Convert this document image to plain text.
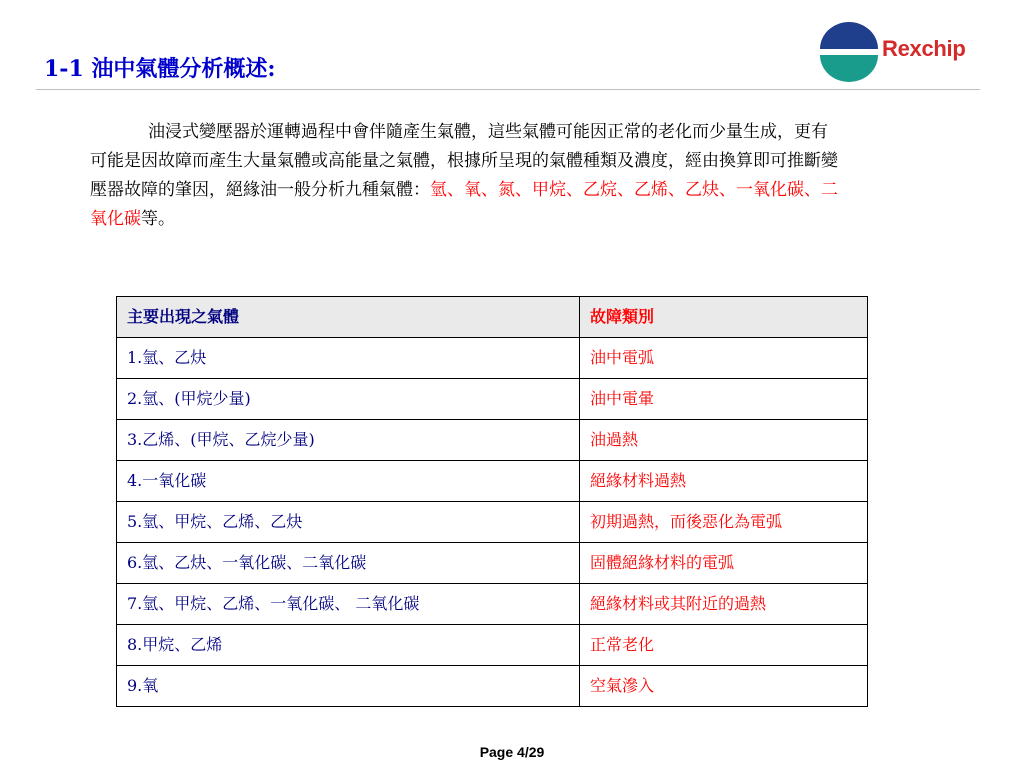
1-1 油中氣體分析概述:
Rexchip
油浸式變壓器於運轉過程中會伴隨產生氣體，這些氣體可能因正常的老化而少量生成，更有可能是因故障而產生大量氣體或高能量之氣體，根據所呈現的氣體種類及濃度，經由換算即可推斷變壓器故障的肇因，絕緣油一般分析九種氣體：氫、氧、氮、甲烷、乙烷、乙烯、乙炔、一氧化碳、二氧化碳等。
主要出現之氣體	故障類別
1.氫、乙炔	油中電弧
2.氫、(甲烷少量)	油中電暈
3.乙烯、(甲烷、乙烷少量)	油過熱
4.一氧化碳	絕緣材料過熱
5.氫、甲烷、乙烯、乙炔	初期過熱，而後惡化為電弧
6.氫、乙炔、一氧化碳、二氧化碳	固體絕緣材料的電弧
7.氫、甲烷、乙烯、一氧化碳、 二氧化碳	絕緣材料或其附近的過熱
8.甲烷、乙烯	正常老化
9.氧	空氣滲入
Page 4/29
